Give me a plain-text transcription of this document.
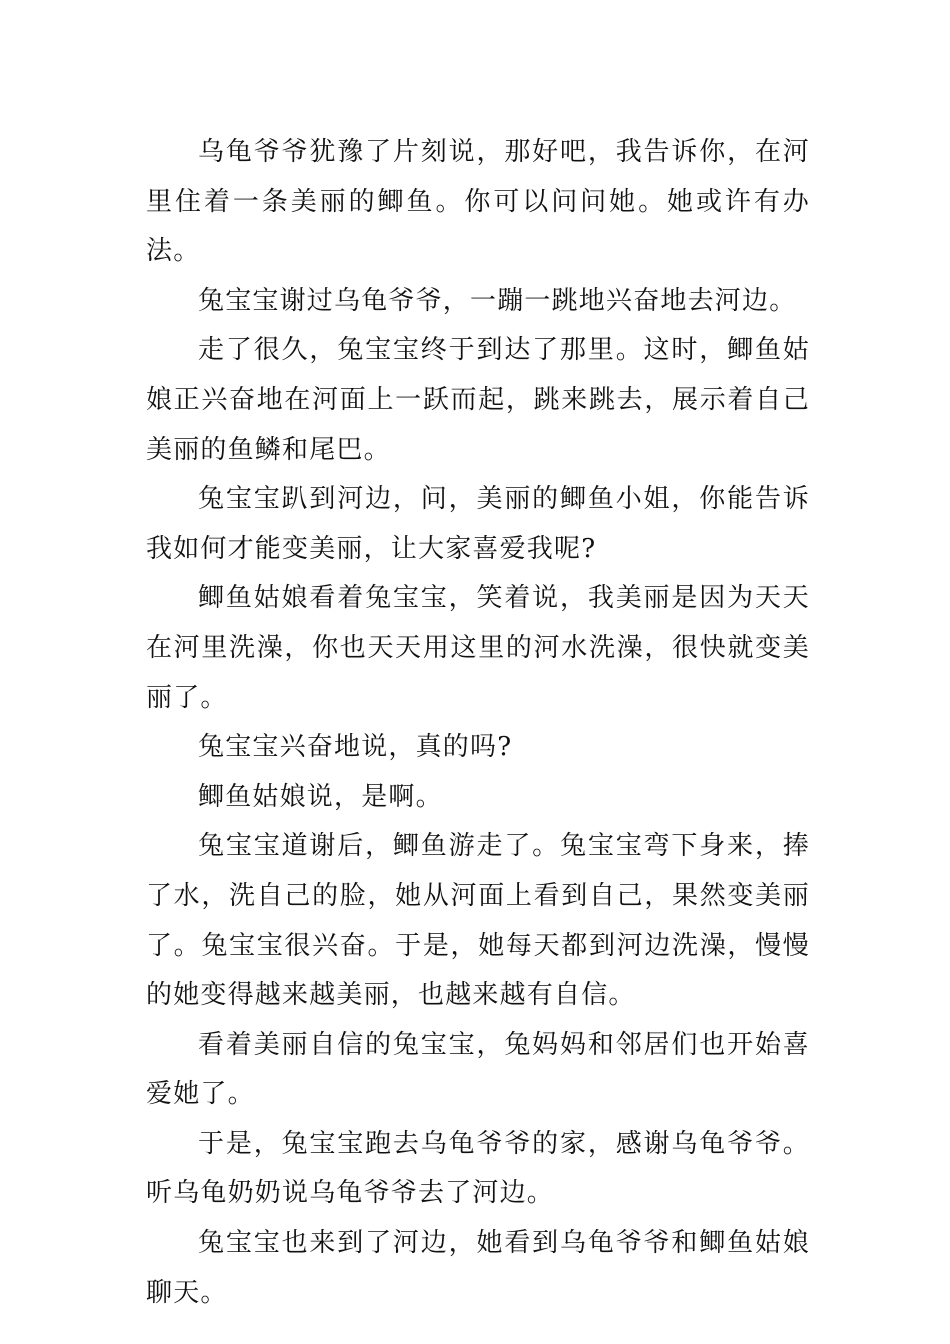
乌龟爷爷犹豫了片刻说，那好吧，我告诉你，在河里住着一条美丽的鲫鱼。你可以问问她。她或许有办法。

兔宝宝谢过乌龟爷爷，一蹦一跳地兴奋地去河边。

走了很久，兔宝宝终于到达了那里。这时，鲫鱼姑娘正兴奋地在河面上一跃而起，跳来跳去，展示着自己美丽的鱼鳞和尾巴。

兔宝宝趴到河边，问，美丽的鲫鱼小姐，你能告诉我如何才能变美丽，让大家喜爱我呢?

鲫鱼姑娘看着兔宝宝，笑着说，我美丽是因为天天在河里洗澡，你也天天用这里的河水洗澡，很快就变美丽了。

兔宝宝兴奋地说，真的吗?

鲫鱼姑娘说，是啊。

兔宝宝道谢后，鲫鱼游走了。兔宝宝弯下身来，捧了水，洗自己的脸，她从河面上看到自己，果然变美丽了。兔宝宝很兴奋。于是，她每天都到河边洗澡，慢慢的她变得越来越美丽，也越来越有自信。

看着美丽自信的兔宝宝，兔妈妈和邻居们也开始喜爱她了。

于是，兔宝宝跑去乌龟爷爷的家，感谢乌龟爷爷。听乌龟奶奶说乌龟爷爷去了河边。

兔宝宝也来到了河边，她看到乌龟爷爷和鲫鱼姑娘聊天。
